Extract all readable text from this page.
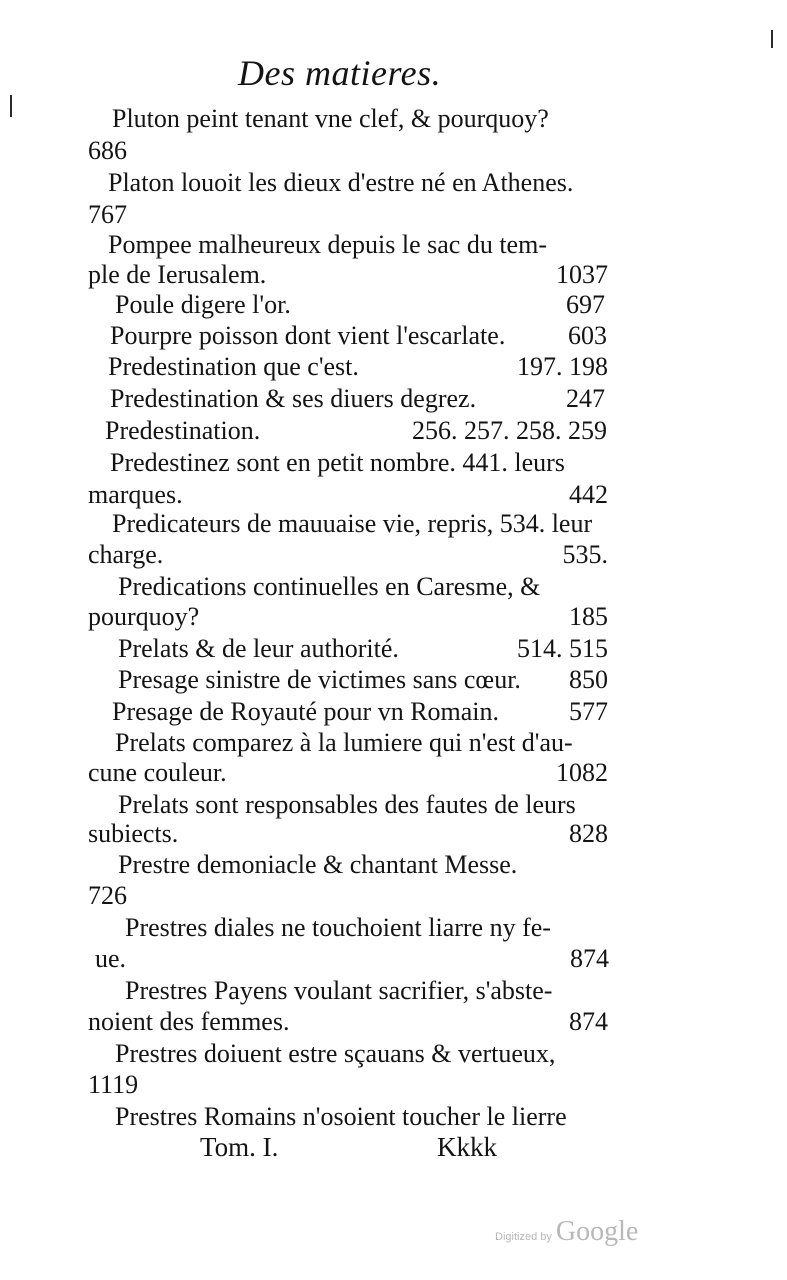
Des matieres.
Pluton peint tenant vne clef, & pourquoy?
686
Platon louoit les dieux d'estre né en Athenes.
767
Pompee malheureux depuis le sac du tem-
ple de Ierusalem.	1037
Poule digere l'or.	697
Pourpre poisson dont vient l'escarlate. 603
Predestination que c'est.	197. 198
Predestination & ses diuers degrez.	247
Predestination.	256. 257. 258. 259
Predestinez sont en petit nombre. 441. leurs
marques.	442
Predicateurs de mauuaise vie, repris, 534. leur
charge.	535.
Predications continuelles en Caresme, &
pourquoy?	185
Prelats & de leur authorité.	514. 515
Presage sinistre de victimes sans cœur. 850
Presage de Royauté pour vn Romain.	577
Prelats comparez à la lumiere qui n'est d'au-
cune couleur.	1082
Prelats sont responsables des fautes de leurs
subiects.	828
Prestre demoniacle & chantant Messe.
726
Prestres diales ne touchoient liarre ny fe-
ue.	874
Prestres Payens voulant sacrifier, s'abste-
noient des femmes.	874
Prestres doiuent estre sçauans & vertueux,
1119
Prestres Romains n'osoient toucher le lierre
Tom. I.	Kkkk
Digitized by Google
